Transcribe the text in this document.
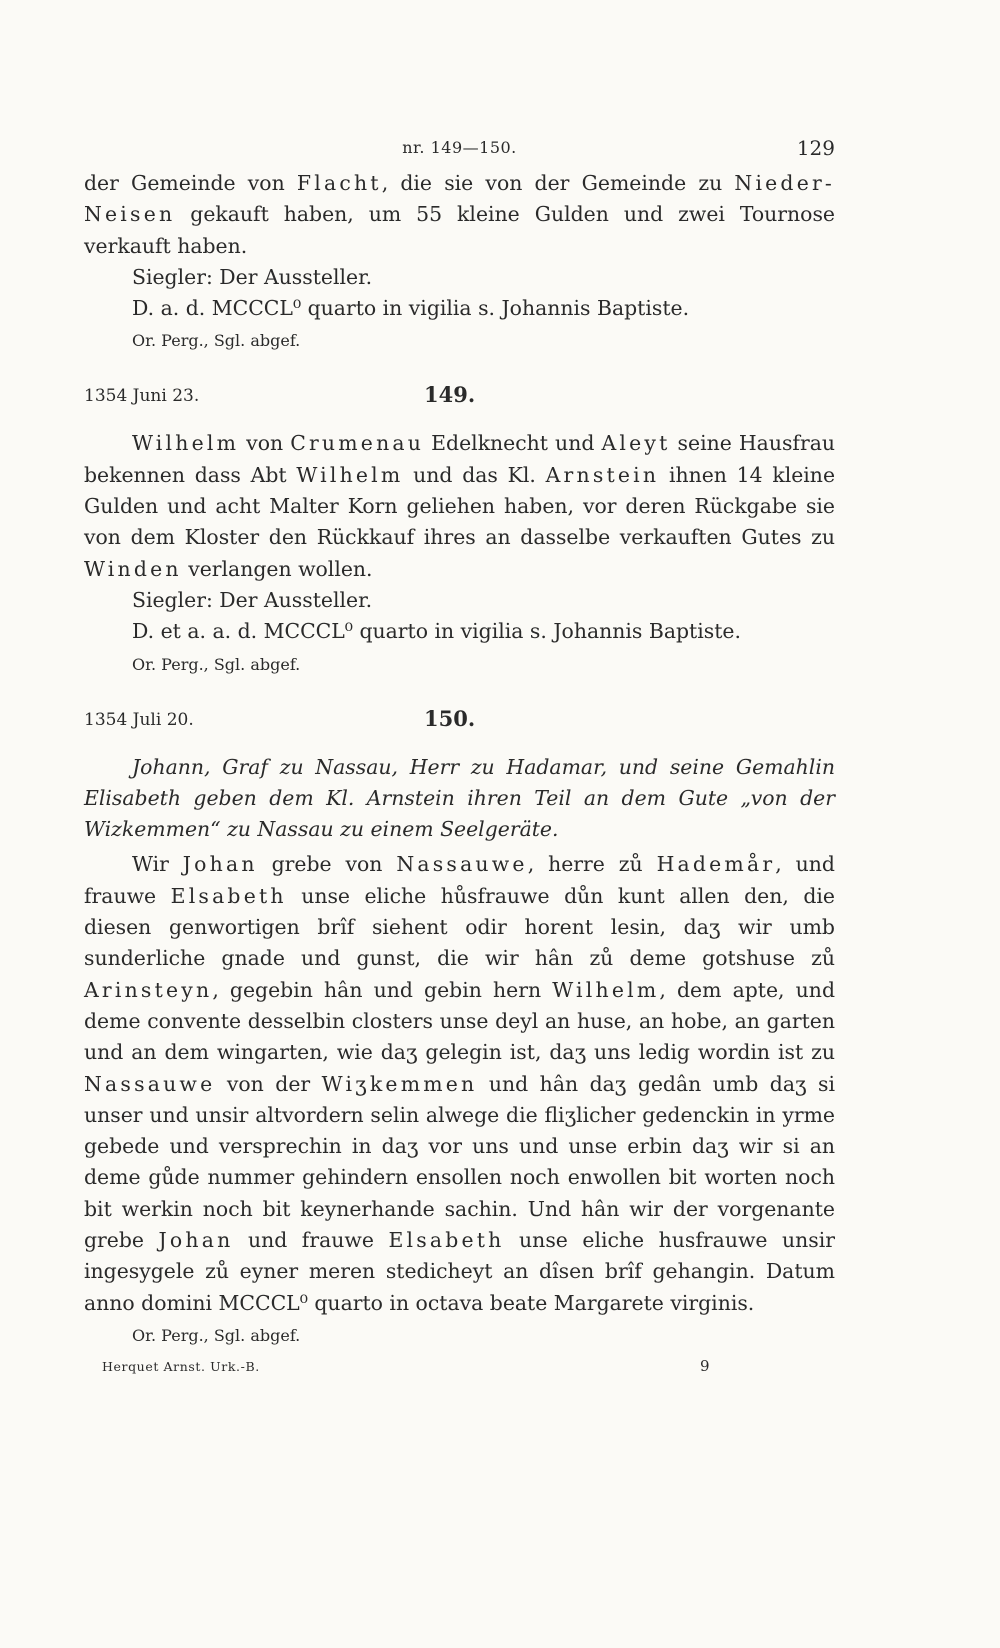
nr. 149—150.	129

der Gemeinde von Flacht, die sie von der Gemeinde zu Nieder-Neisen gekauft haben, um 55 kleine Gulden und zwei Tournose verkauft haben.

Siegler: Der Aussteller.

D. a. d. MCCCL⁰ quarto in vigilia s. Johannis Baptiste.

Or. Perg., Sgl. abgef.

1354 Juni 23.	149.

Wilhelm von Crumenau Edelknecht und Aleyt seine Hausfrau bekennen dass Abt Wilhelm und das Kl. Arnstein ihnen 14 kleine Gulden und acht Malter Korn geliehen haben, vor deren Rückgabe sie von dem Kloster den Rückkauf ihres an dasselbe verkauften Gutes zu Winden verlangen wollen.

Siegler: Der Aussteller.

D. et a. a. d. MCCCL⁰ quarto in vigilia s. Johannis Baptiste.

Or. Perg., Sgl. abgef.

1354 Juli 20.	150.

Johann, Graf zu Nassau, Herr zu Hadamar, und seine Gemahlin Elisabeth geben dem Kl. Arnstein ihren Teil an dem Gute „von der Wizkemmen“ zu Nassau zu einem Seelgeräte.

Wir Johan grebe von Nassauwe, herre zů Hademår, und frauwe Elsabeth unse eliche hůsfrauwe důn kunt allen den, die diesen genwortigen brîf siehent odir horent lesin, daʒ wir umb sunderliche gnade und gunst, die wir hân zů deme gotshuse zů Arinsteyn, gegebin hân und gebin hern Wilhelm, dem apte, und deme convente desselbin closters unse deyl an huse, an hobe, an garten und an dem wingarten, wie daʒ gelegin ist, daʒ uns ledig wordin ist zu Nassauwe von der Wiʒkemmen und hân daʒ gedân umb daʒ si unser und unsir altvordern selin alwege die fliʒlicher gedenckin in yrme gebede und versprechin in daʒ vor uns und unse erbin daʒ wir si an deme gůde nummer gehindern ensollen noch enwollen bit worten noch bit werkin noch bit keynerhande sachin. Und hân wir der vorgenante grebe Johan und frauwe Elsabeth unse eliche husfrauwe unsir ingesygele zů eyner meren stedicheyt an dîsen brîf gehangin. Datum anno domini MCCCL⁰ quarto in octava beate Margarete virginis.

Or. Perg., Sgl. abgef.

Herquet Arnst. Urk.-B.	9
